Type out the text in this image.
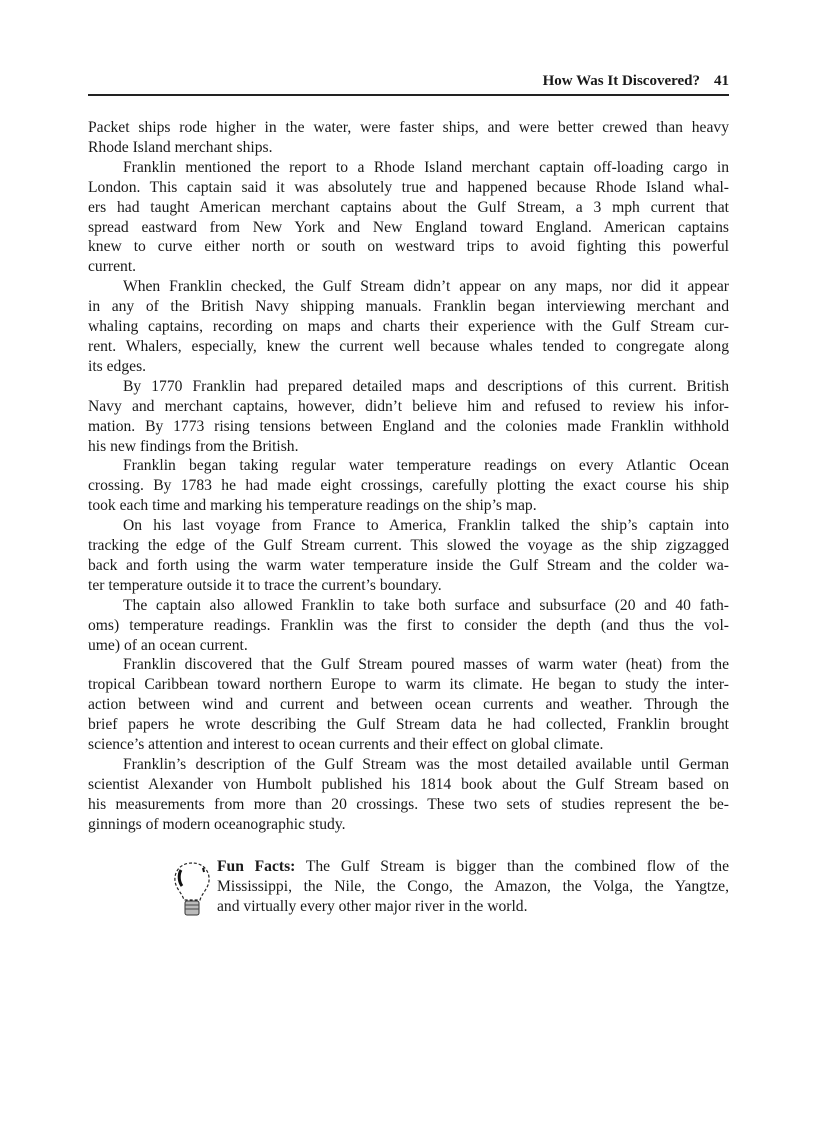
How Was It Discovered? 41
Packet ships rode higher in the water, were faster ships, and were better crewed than heavy
Rhode Island merchant ships.
Franklin mentioned the report to a Rhode Island merchant captain off-loading cargo in
London. This captain said it was absolutely true and happened because Rhode Island whal-
ers had taught American merchant captains about the Gulf Stream, a 3 mph current that
spread eastward from New York and New England toward England. American captains
knew to curve either north or south on westward trips to avoid fighting this powerful
current.
When Franklin checked, the Gulf Stream didn’t appear on any maps, nor did it appear
in any of the British Navy shipping manuals. Franklin began interviewing merchant and
whaling captains, recording on maps and charts their experience with the Gulf Stream cur-
rent. Whalers, especially, knew the current well because whales tended to congregate along
its edges.
By 1770 Franklin had prepared detailed maps and descriptions of this current. British
Navy and merchant captains, however, didn’t believe him and refused to review his infor-
mation. By 1773 rising tensions between England and the colonies made Franklin withhold
his new findings from the British.
Franklin began taking regular water temperature readings on every Atlantic Ocean
crossing. By 1783 he had made eight crossings, carefully plotting the exact course his ship
took each time and marking his temperature readings on the ship’s map.
On his last voyage from France to America, Franklin talked the ship’s captain into
tracking the edge of the Gulf Stream current. This slowed the voyage as the ship zigzagged
back and forth using the warm water temperature inside the Gulf Stream and the colder wa-
ter temperature outside it to trace the current’s boundary.
The captain also allowed Franklin to take both surface and subsurface (20 and 40 fath-
oms) temperature readings. Franklin was the first to consider the depth (and thus the vol-
ume) of an ocean current.
Franklin discovered that the Gulf Stream poured masses of warm water (heat) from the
tropical Caribbean toward northern Europe to warm its climate. He began to study the inter-
action between wind and current and between ocean currents and weather. Through the
brief papers he wrote describing the Gulf Stream data he had collected, Franklin brought
science’s attention and interest to ocean currents and their effect on global climate.
Franklin’s description of the Gulf Stream was the most detailed available until German
scientist Alexander von Humbolt published his 1814 book about the Gulf Stream based on
his measurements from more than 20 crossings. These two sets of studies represent the be-
ginnings of modern oceanographic study.
Fun Facts: The Gulf Stream is bigger than the combined flow of the
Mississippi, the Nile, the Congo, the Amazon, the Volga, the Yangtze,
and virtually every other major river in the world.
